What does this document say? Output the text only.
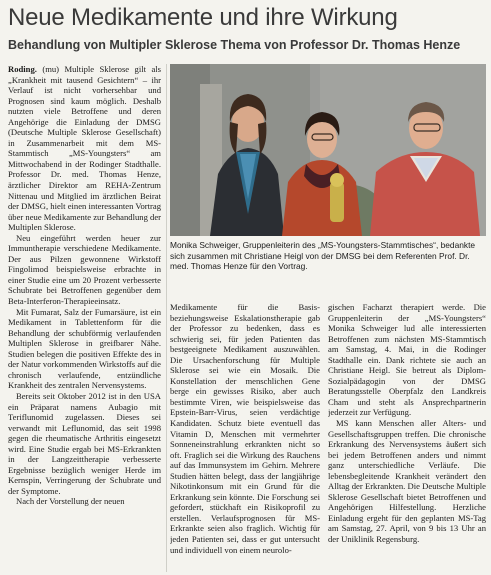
Neue Medikamente und ihre Wirkung
Behandlung von Multipler Sklerose Thema von Professor Dr. Thomas Henze

Roding. (mu) Multiple Sklerose gilt als „Krankheit mit tausend Gesichtern“ – ihr Verlauf ist nicht vorhersehbar und Prognosen sind kaum möglich. Deshalb nutzten viele Betroffene und deren Angehörige die Einladung der DMSG (Deutsche Multiple Sklerose Gesellschaft) in Zusammenarbeit mit dem MS-Stammtisch „MS-Youngsters“ am Mittwochabend in der Rodinger Stadthalle. Professor Dr. med. Thomas Henze, ärztlicher Direktor am REHA-Zentrum Nittenau und Mitglied im ärztlichen Beirat der DMSG, hielt einen interessanten Vortrag über neue Medikamente zur Behandlung der Multiplen Sklerose.

Neu eingeführt werden heuer zur Immuntherapie verschiedene Medikamente. Der aus Pilzen gewonnene Wirkstoff Fingolimod beispielsweise erbrachte in einer Studie eine um 20 Prozent verbesserte Schubrate bei Betroffenen gegenüber dem Beta-Interferon-Therapieeinsatz.

Mit Fumarat, Salz der Fumarsäure, ist ein Medikament in Tablettenform für die Behandlung der schubförmig verlaufenden Multiplen Sklerose in greifbarer Nähe. Studien belegen die positiven Effekte des in der Natur vorkommenden Wirkstoffs auf die chronisch verlaufende, entzündliche Krankheit des zentralen Nervensystems.

Bereits seit Oktober 2012 ist in den USA ein Präparat namens Aubagio mit Teriflunomid zugelassen. Dieses sei verwandt mit Leflunomid, das seit 1998 gegen die rheumatische Arthritis eingesetzt wird. Eine Studie ergab bei MS-Erkrankten in der Langzeittherapie verbesserte Ergebnisse bezüglich weniger Herde im Kernspin, Verringerung der Schubrate und der Symptome.

Nach der Vorstellung der neuen

Monika Schweiger, Gruppenleiterin des „MS-Youngsters-Stammtisches“, bedankte sich zusammen mit Christiane Heigl von der DMSG bei dem Referenten Prof. Dr. med. Thomas Henze für den Vortrag.

Medikamente für die Basis- beziehungsweise Eskalationstherapie gab der Professor zu bedenken, dass es schwierig sei, für jeden Patienten das bestgeeignete Medikament auszuwählen. Die Ursachenforschung für Multiple Sklerose sei wie ein Mosaik. Die Konstellation der menschlichen Gene berge ein gewisses Risiko, aber auch bestimmte Viren, wie beispielsweise das Epstein-Barr-Virus, seien verdächtige Kandidaten. Schutz biete eventuell das Vitamin D, Menschen mit vermehrter Sonneneinstrahlung erkrankten nicht so oft. Fraglich sei die Wirkung des Rauchens auf das Immunsystem im Gehirn. Mehrere Studien hätten belegt, dass der langjährige Nikotinkonsum mit ein Grund für die Erkrankung sein könnte. Die Forschung sei gefordert, stückhaft ein Risikoprofil zu erstellen. Verlaufsprognosen für MS-Erkrankte seien also fraglich. Wichtig für jeden Patienten sei, dass er gut untersucht und individuell von einem neurolo-

gischen Facharzt therapiert werde. Die Gruppenleiterin der „MS-Youngsters“ Monika Schweiger lud alle interessierten Betroffenen zum nächsten MS-Stammtisch am Samstag, 4. Mai, in die Rodinger Stadthalle ein. Dank richtete sie auch an Christiane Heigl. Sie betreut als Diplom-Sozialpädagogin von der DMSG Beratungsstelle Oberpfalz den Landkreis Cham und steht als Ansprechpartnerin jederzeit zur Verfügung.

MS kann Menschen aller Alters- und Gesellschaftsgruppen treffen. Die chronische Erkrankung des Nervensystems äußert sich bei jedem Betroffenen anders und nimmt ganz unterschiedliche Verläufe. Die lebensbegleitende Krankheit verändert den Alltag der Erkrankten. Die Deutsche Multiple Sklerose Gesellschaft bietet Betroffenen und Angehörigen Hilfestellung. Herzliche Einladung ergeht für den geplanten MS-Tag am Samstag, 27. April, von 9 bis 13 Uhr an der Uniklinik Regensburg.
